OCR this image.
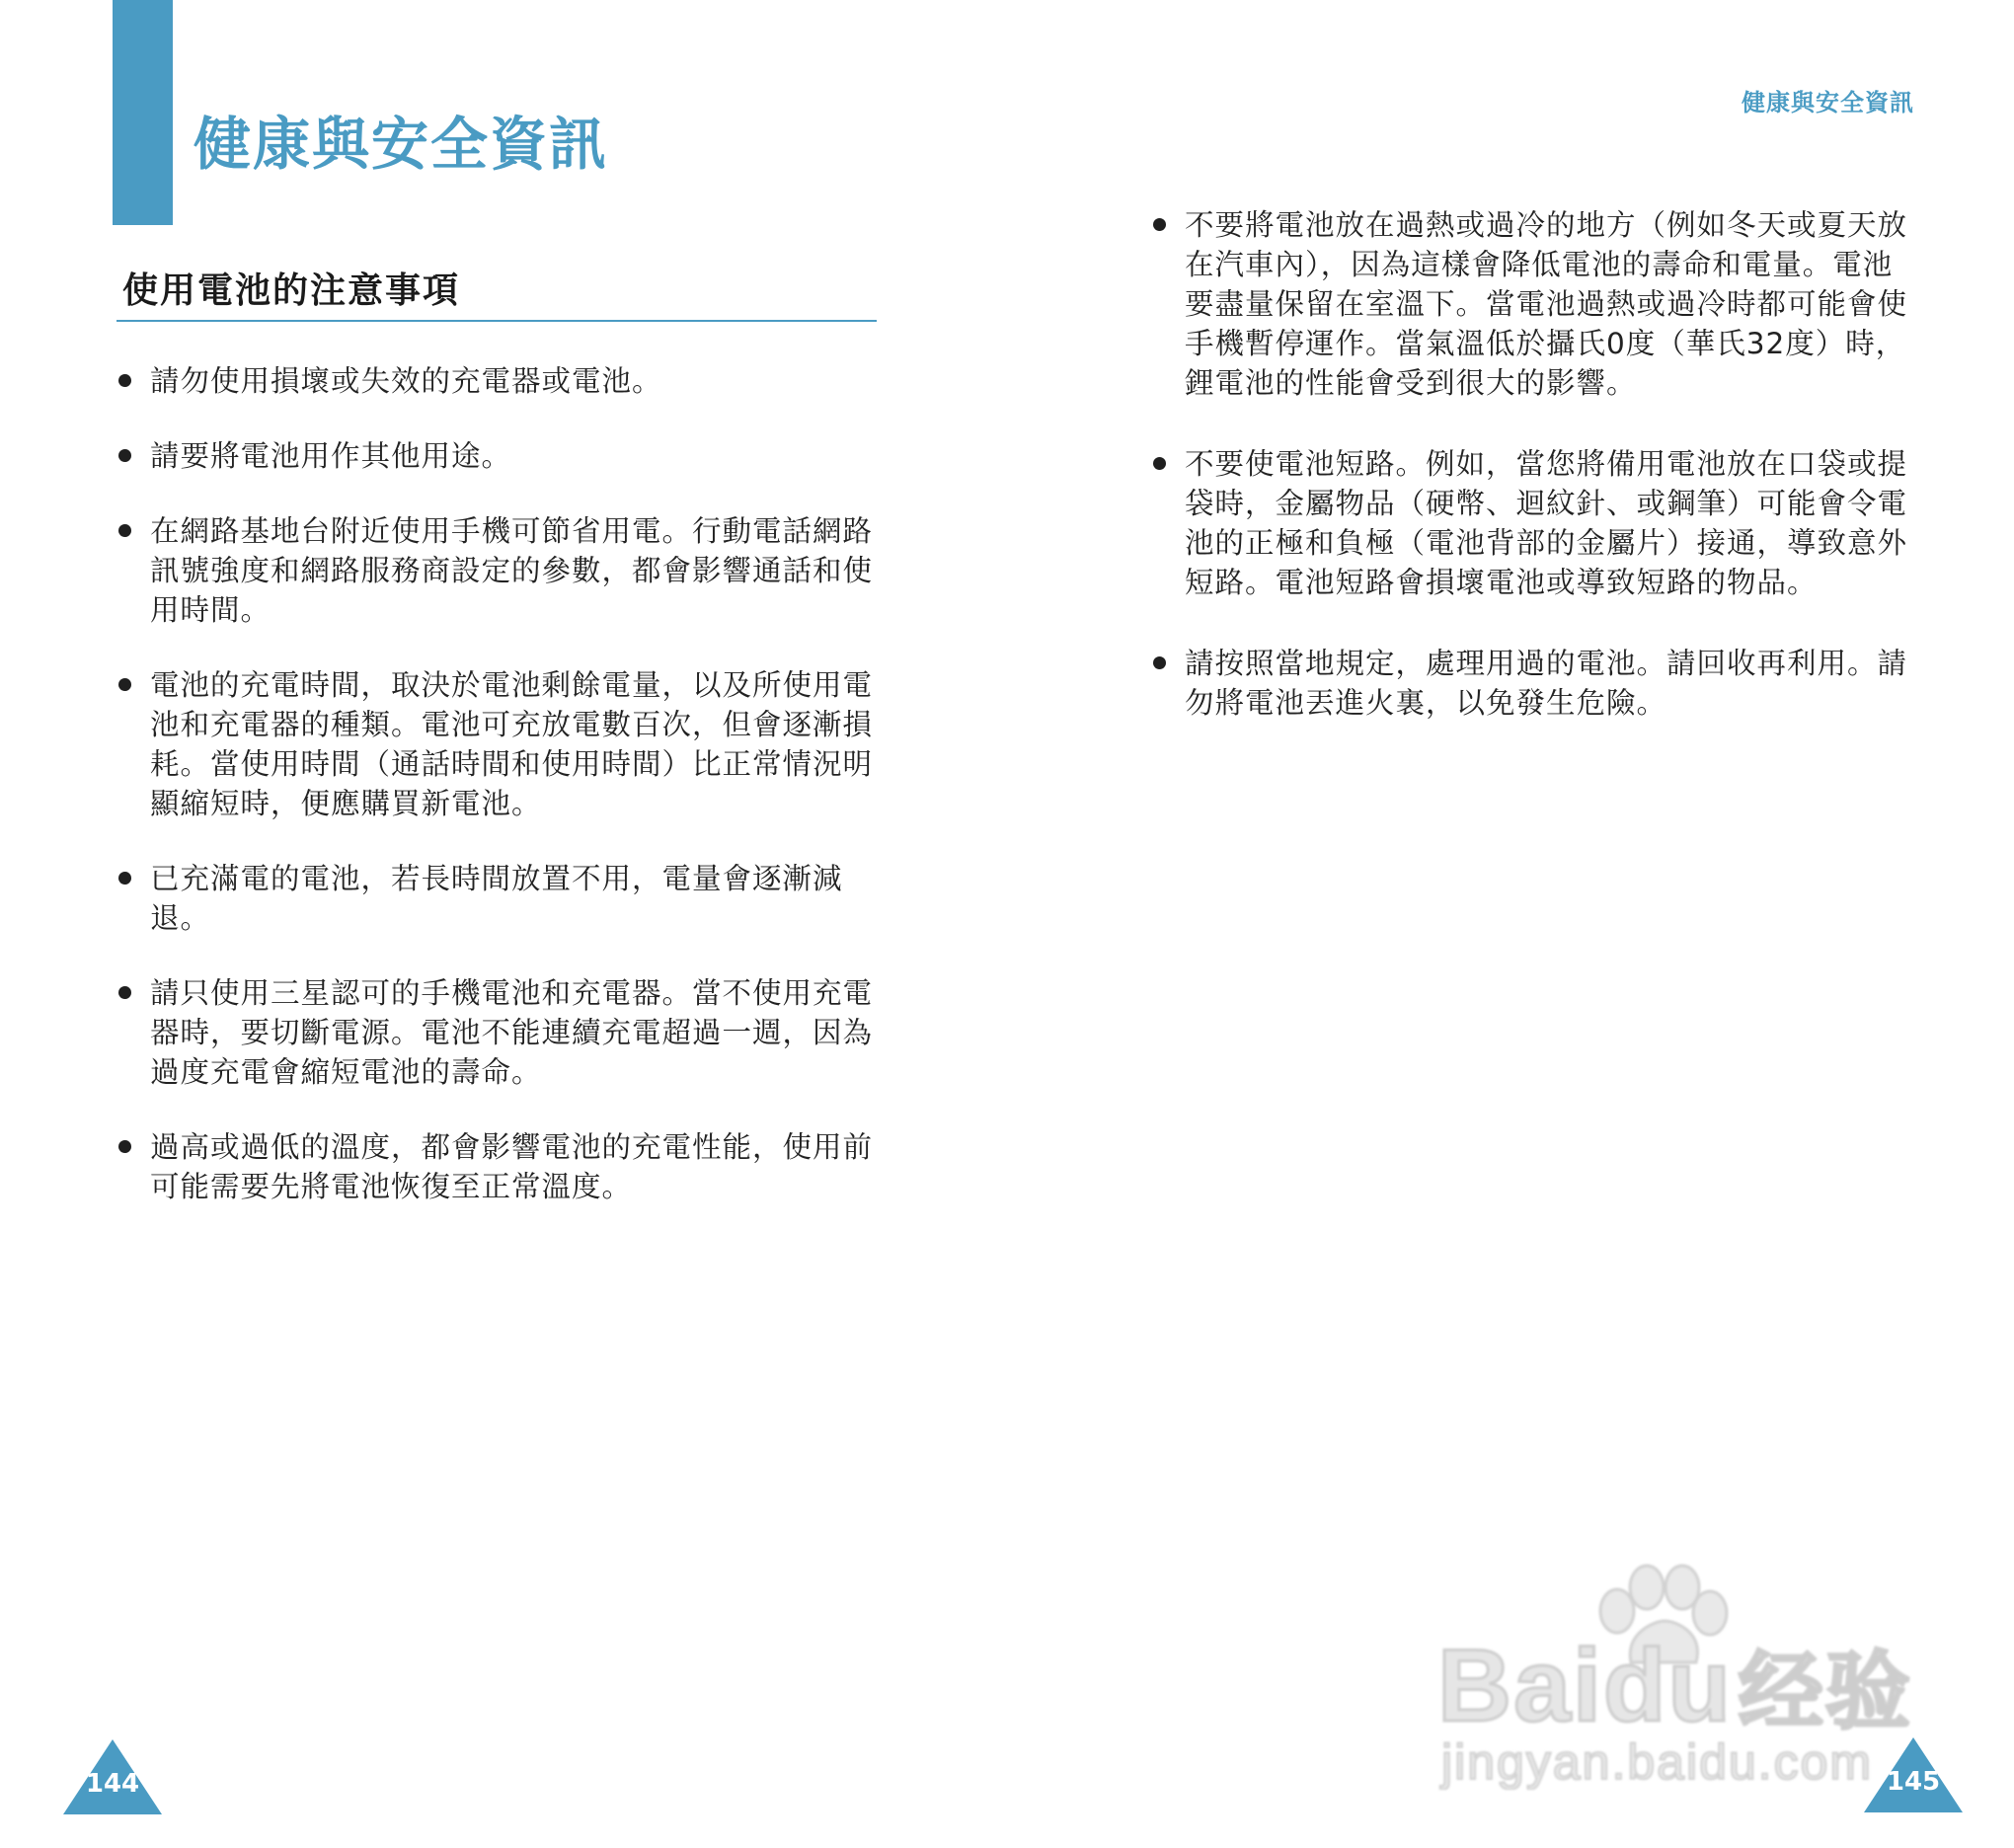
健康與安全資訊
健康與安全資訊
使用電池的注意事項
請勿使用損壞或失效的充電器或電池。
請要將電池用作其他用途。
在網路基地台附近使用手機可節省用電。行動電話網路訊號強度和網路服務商設定的參數，都會影響通話和使用時間。
電池的充電時間，取決於電池剩餘電量，以及所使用電池和充電器的種類。電池可充放電數百次，但會逐漸損耗。當使用時間（通話時間和使用時間）比正常情況明顯縮短時，便應購買新電池。
已充滿電的電池，若長時間放置不用，電量會逐漸減退。
請只使用三星認可的手機電池和充電器。當不使用充電器時，要切斷電源。電池不能連續充電超過一週，因為過度充電會縮短電池的壽命。
過高或過低的溫度，都會影響電池的充電性能，使用前可能需要先將電池恢復至正常溫度。
不要將電池放在過熱或過冷的地方（例如冬天或夏天放在汽車內），因為這樣會降低電池的壽命和電量。電池要盡量保留在室溫下。當電池過熱或過冷時都可能會使手機暫停運作。當氣溫低於攝氏0度（華氏32度）時，鋰電池的性能會受到很大的影響。
不要使電池短路。例如，當您將備用電池放在口袋或提袋時，金屬物品（硬幣、迴紋針、或鋼筆）可能會令電池的正極和負極（電池背部的金屬片）接通，導致意外短路。電池短路會損壞電池或導致短路的物品。
請按照當地規定，處理用過的電池。請回收再利用。請勿將電池丟進火裏，以免發生危險。
144	145
Baidu经验
jingyan.baidu.com
